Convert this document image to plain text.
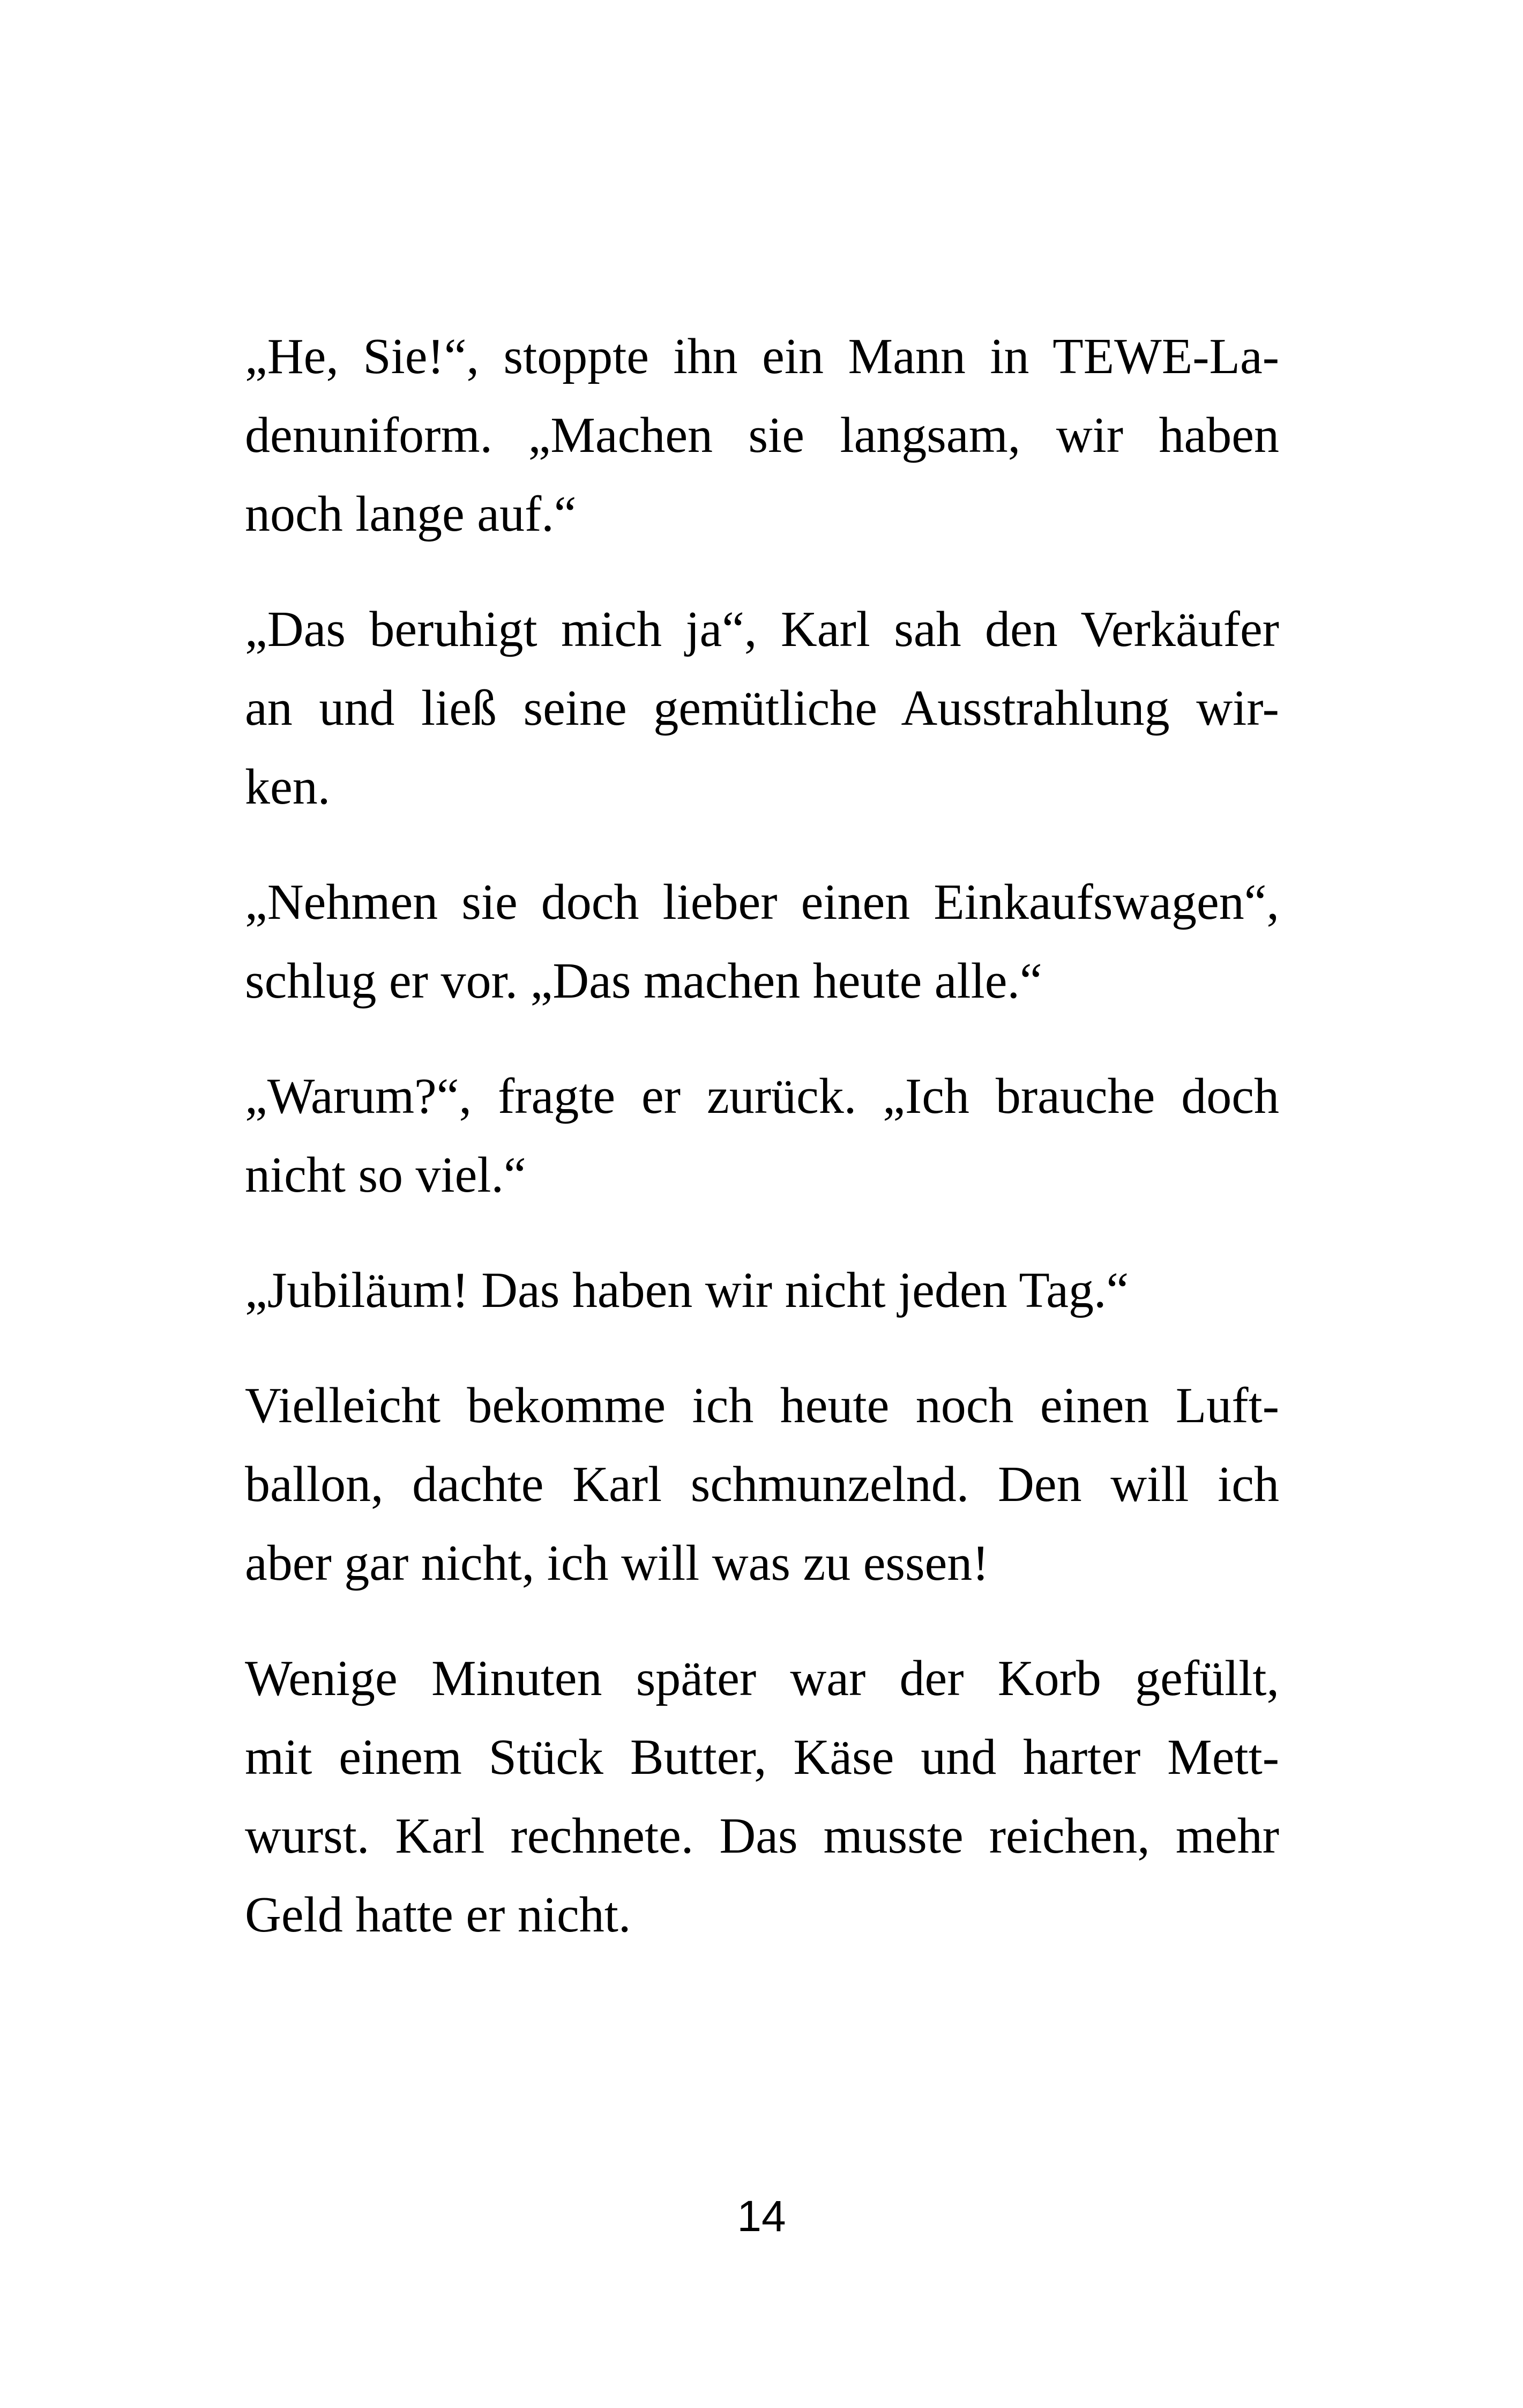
„He, Sie!“, stoppte ihn ein Mann in TEWE-La-
denuniform. „Machen sie langsam, wir haben
noch lange auf.“

„Das beruhigt mich ja“, Karl sah den Verkäufer
an und ließ seine gemütliche Ausstrahlung wir-
ken.

„Nehmen sie doch lieber einen Einkaufswagen“,
schlug er vor. „Das machen heute alle.“

„Warum?“, fragte er zurück. „Ich brauche doch
nicht so viel.“

„Jubiläum! Das haben wir nicht jeden Tag.“

Vielleicht bekomme ich heute noch einen Luft-
ballon, dachte Karl schmunzelnd. Den will ich
aber gar nicht, ich will was zu essen!

Wenige Minuten später war der Korb gefüllt,
mit einem Stück Butter, Käse und harter Mett-
wurst. Karl rechnete. Das musste reichen, mehr
Geld hatte er nicht.

14
